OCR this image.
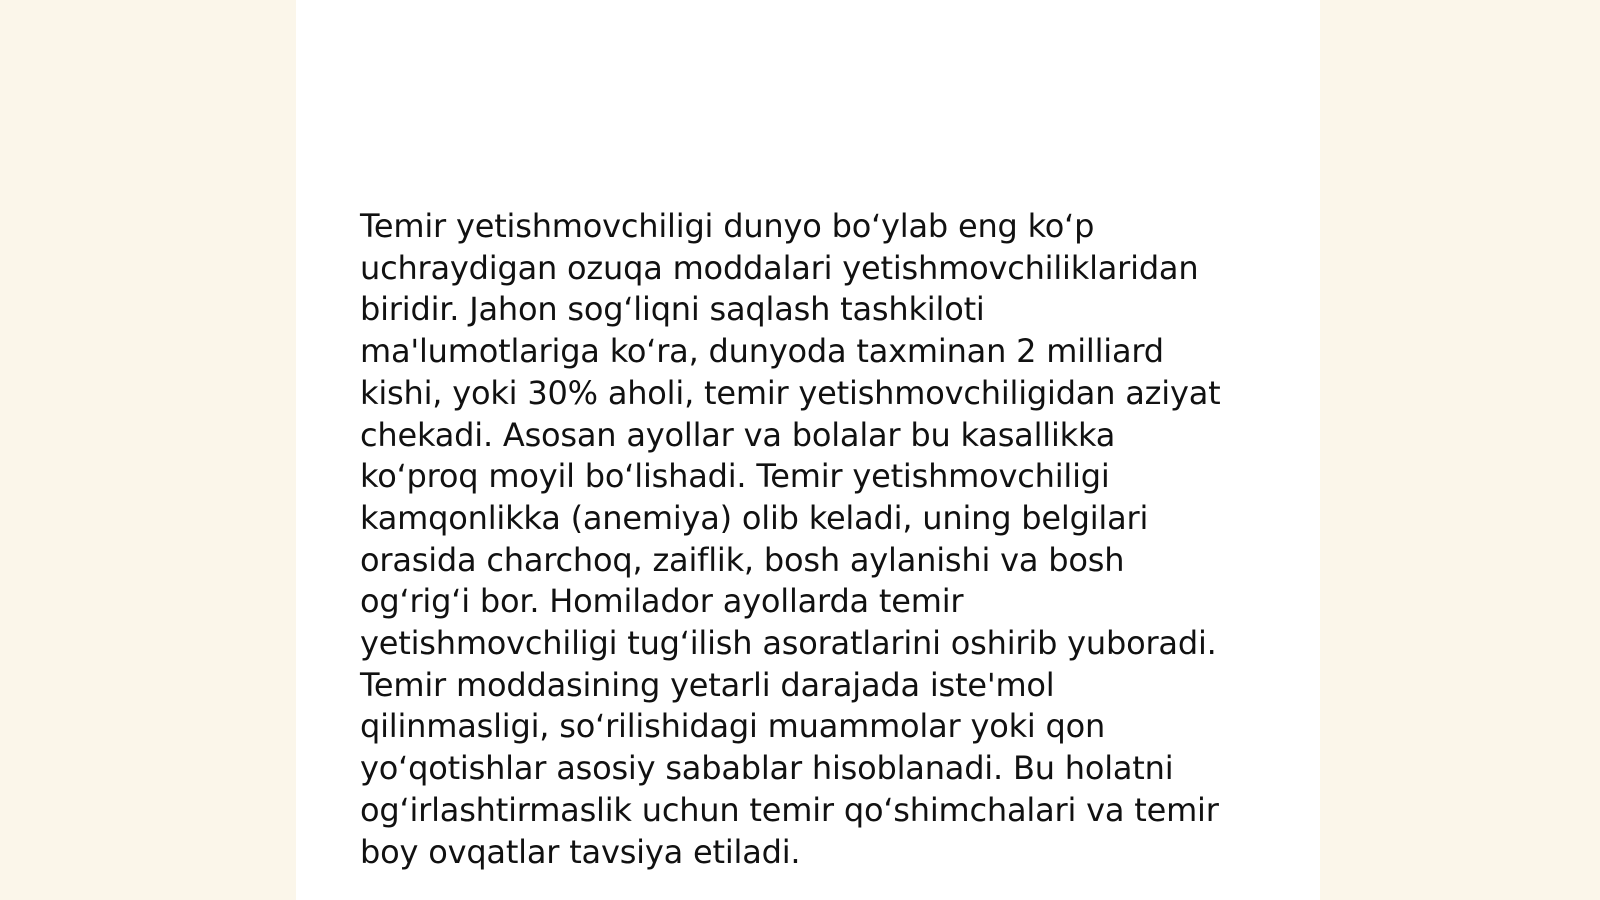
Temir yetishmovchiligi dunyo bo‘ylab eng ko‘p
uchraydigan ozuqa moddalari yetishmovchiliklaridan
biridir. Jahon sog‘liqni saqlash tashkiloti
ma'lumotlariga ko‘ra, dunyoda taxminan 2 milliard
kishi, yoki 30% aholi, temir yetishmovchiligidan aziyat
chekadi. Asosan ayollar va bolalar bu kasallikka
ko‘proq moyil bo‘lishadi. Temir yetishmovchiligi
kamqonlikka (anemiya) olib keladi, uning belgilari
orasida charchoq, zaiflik, bosh aylanishi va bosh
og‘rig‘i bor. Homilador ayollarda temir
yetishmovchiligi tug‘ilish asoratlarini oshirib yuboradi.
Temir moddasining yetarli darajada iste'mol
qilinmasligi, so‘rilishidagi muammolar yoki qon
yo‘qotishlar asosiy sabablar hisoblanadi. Bu holatni
og‘irlashtirmaslik uchun temir qo‘shimchalari va temir
boy ovqatlar tavsiya etiladi.
